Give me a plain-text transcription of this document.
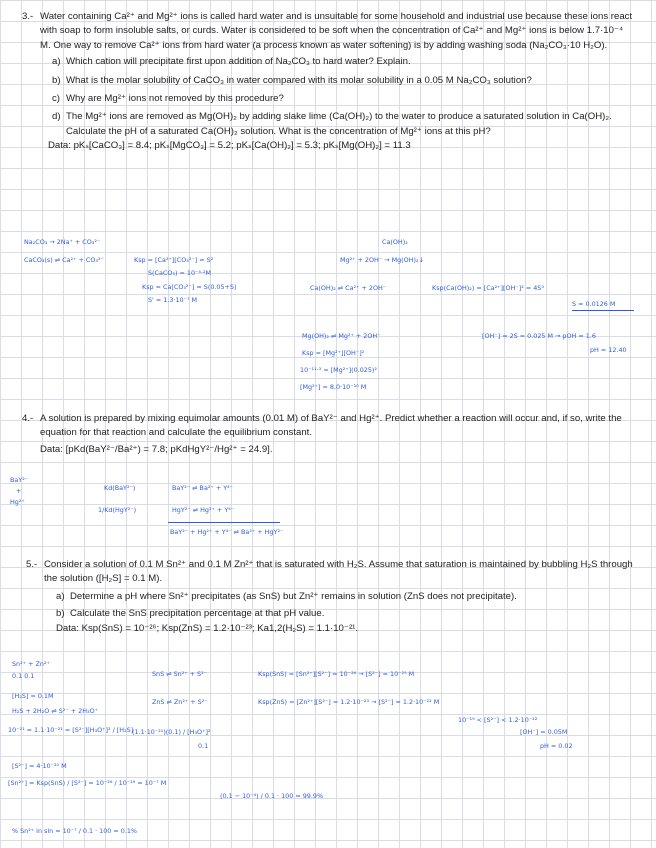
3.- Water containing Ca²⁺ and Mg²⁺ ions is called hard water and is unsuitable for some household and industrial use because these ions react with soap to form insoluble salts, or curds. Water is considered to be soft when the concentration of Ca²⁺ and Mg²⁺ ions is below 1.7·10⁻⁴ M. One way to remove Ca²⁺ ions from hard water (a process known as water softening) is by adding washing soda (Na₂CO₃·10 H₂O).

a) Which cation will precipitate first upon addition of Na₂CO₃ to hard water? Explain.

b) What is the molar solubility of CaCO₃ in water compared with its molar solubility in a 0.05 M Na₂CO₃ solution?

c) Why are Mg²⁺ ions not removed by this procedure?

d) The Mg²⁺ ions are removed as Mg(OH)₂ by adding slake lime (Ca(OH)₂) to the water to produce a saturated solution in Ca(OH)₂. Calculate the pH of a saturated Ca(OH)₂ solution. What is the concentration of Mg²⁺ ions at this pH?

Data: pKₛ[CaCO₃] = 8.4; pKₛ[MgCO₃] = 5.2; pKₛ[Ca(OH)₂] = 5.3; pKₛ[Mg(OH)₂] = 11.3

4.- A solution is prepared by mixing equimolar amounts (0.01 M) of BaY²⁻ and Hg²⁺. Predict whether a reaction will occur and, if so, write the equation for that reaction and calculate the equilibrium constant.

Data: [pKd(BaY²⁻/Ba²⁺) = 7.8; pKdHgY²⁻/Hg²⁺ = 24.9].

5.- Consider a solution of 0.1 M Sn²⁺ and 0.1 M Zn²⁺ that is saturated with H₂S. Assume that saturation is maintained by bubbling H₂S through the solution ([H₂S] = 0.1 M).

a) Determine a pH where Sn²⁺ precipitates (as SnS) but Zn²⁺ remains in solution (ZnS does not precipitate).

b) Calculate the SnS precipitation percentage at that pH value.

Data: Ksp(SnS) = 10⁻²⁶; Ksp(ZnS) = 1.2·10⁻²³; Ka1,2(H₂S) = 1.1·10⁻²¹.

Na₂CO₃ → 2Na⁺ + CO₃²⁻
CaCO₃(s) ⇌ Ca²⁺ + CO₃²⁻	Ksp = [Ca²⁺][CO₃²⁻] = S²
S(CaCO₃) = 10⁻⁴·²M
Ksp = Ca[CO₃²⁻] = S(0.05+S)
S' = 1.3·10⁻⁷ M
Ca(OH)₂
Mg²⁺ + 2OH⁻ → Mg(OH)₂↓
Ca(OH)₂ ⇌ Ca²⁺ + 2OH⁻	Ksp(Ca(OH)₂) = [Ca²⁺][OH⁻]² = 4S³
S = 0.0126 M
Mg(OH)₂ ⇌ Mg²⁺ + 2OH⁻
Ksp = [Mg²⁺][OH⁻]²
[OH⁻] = 2S = 0.025 M → pOH = 1.6
10⁻¹¹·³ = [Mg²⁺](0.025)²
pH = 12.40
[Mg²⁺] = 8.0·10⁻¹⁰ M
BaY²⁻
+
Hg²⁺
Kd(BaY²⁻)	BaY²⁻ ⇌ Ba²⁺ + Y⁴⁻
1/Kd(HgY²⁻)	HgY²⁻ ⇌ Hg²⁺ + Y⁴⁻
BaY²⁻ + Hg²⁺ + Y⁴⁻ ⇌ Ba²⁺ + HgY²⁻
Sn²⁺ + Zn²⁺
0.1 0.1
[H₂S] = 0.1M
H₂S + 2H₂O ⇌ S²⁻ + 2H₃O⁺
10⁻²¹ = 1.1·10⁻²¹ = [S²⁻][H₃O⁺]² / [H₂S]
[S²⁻] = 4·10⁻²⁰ M
[Sn²⁺] = Ksp(SnS) / [S²⁻] = 10⁻²⁶ / 10⁻¹⁹ = 10⁻⁷ M
% Sn²⁺ in sln = 10⁻⁷ / 0.1 · 100 = 0.1%
SnS ⇌ Sn²⁺ + S²⁻	Ksp(SnS) = [Sn²⁺][S²⁻] = 10⁻²⁶ → [S²⁻] = 10⁻²⁵ M
ZnS ⇌ Zn²⁺ + S²⁻	Ksp(ZnS) = [Zn²⁺][S²⁻] = 1.2·10⁻²³ → [S²⁻] = 1.2·10⁻²² M
(1.1·10⁻²¹)(0.1) / [H₃O⁺]²
0.1
10⁻¹⁹ < [S²⁻] < 1.2·10⁻²²
[OH⁻] = 0.05M
pH = 0.02
(0.1 − 10⁻⁴) / 0.1 · 100 = 99.9%
